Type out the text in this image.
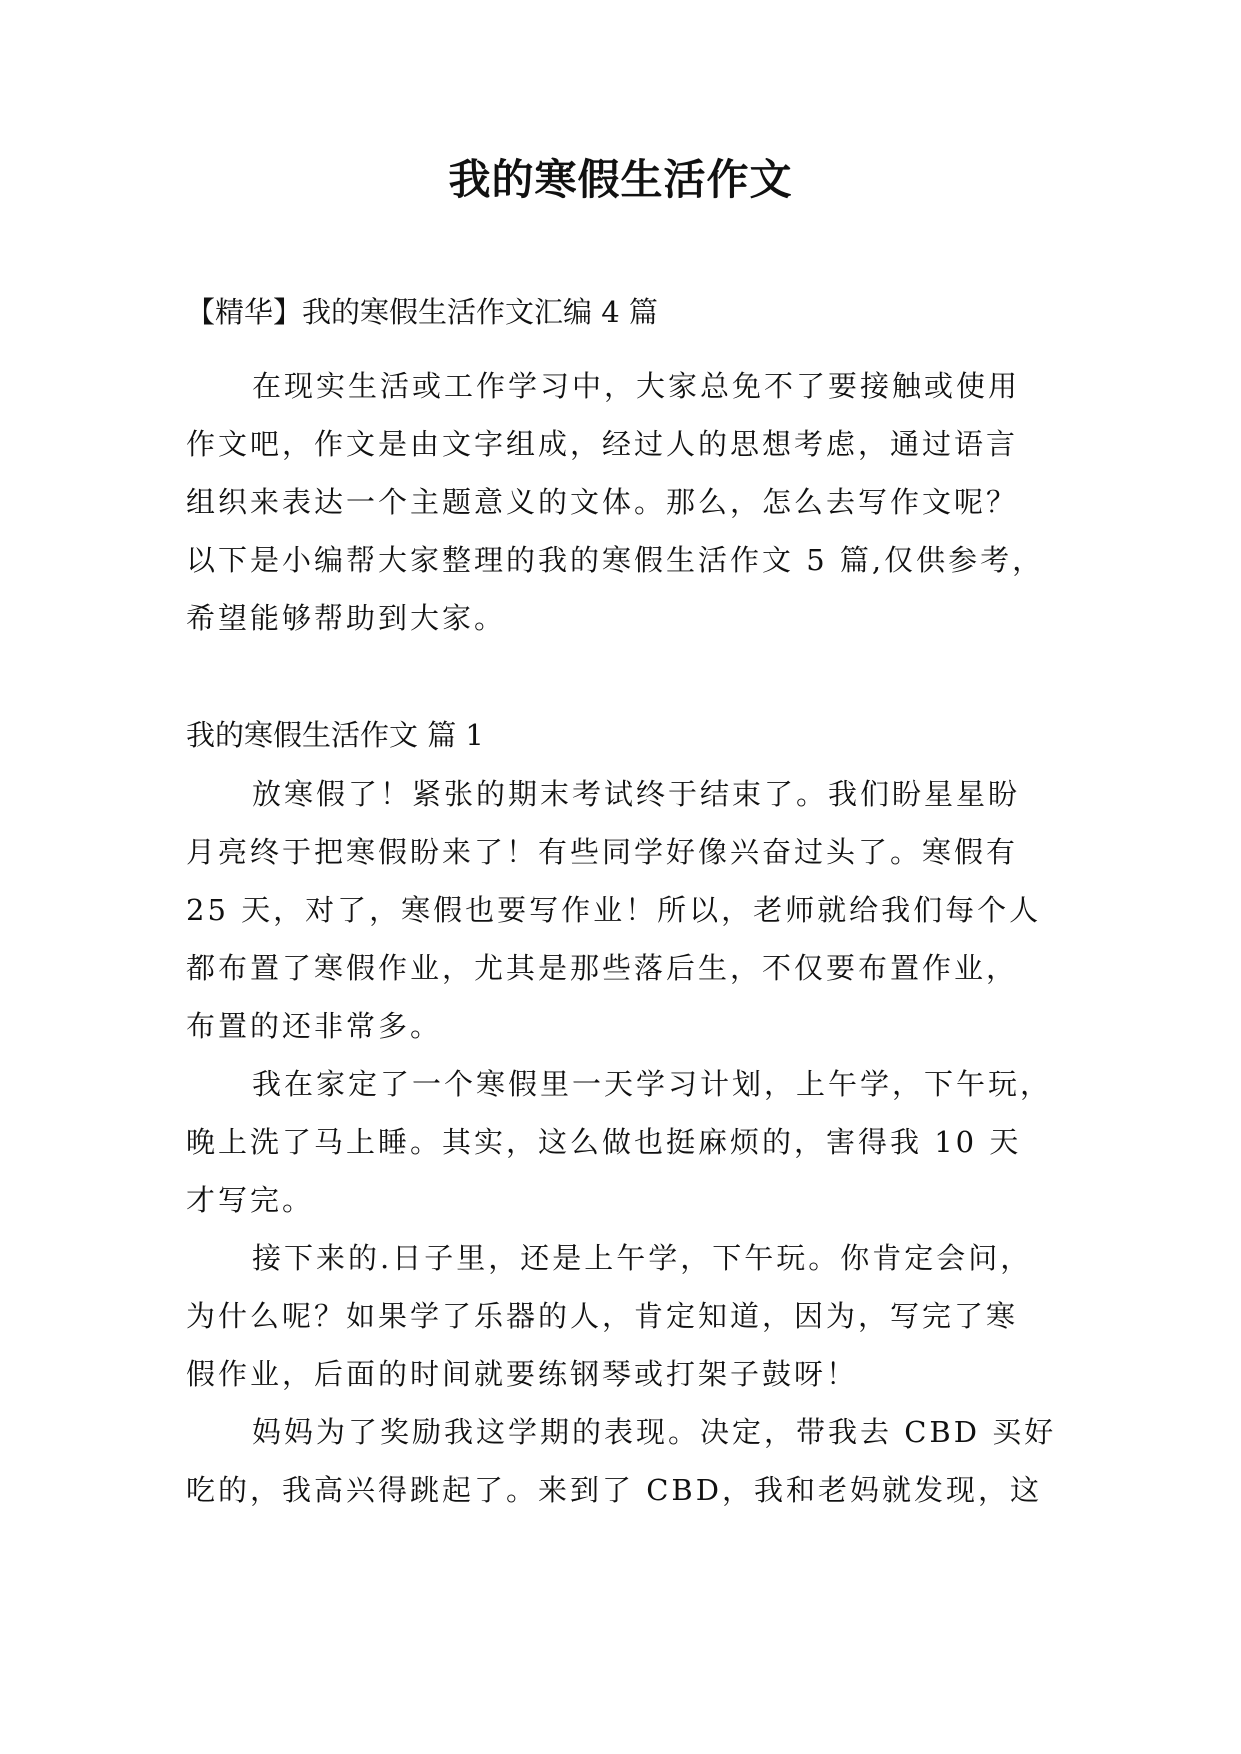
我的寒假生活作文
【精华】我的寒假生活作文汇编 4 篇
在现实生活或工作学习中，大家总免不了要接触或使用
作文吧，作文是由文字组成，经过人的思想考虑，通过语言
组织来表达一个主题意义的文体。那么，怎么去写作文呢？
以下是小编帮大家整理的我的寒假生活作文 5 篇,仅供参考，
希望能够帮助到大家。
我的寒假生活作文 篇 1
放寒假了！紧张的期末考试终于结束了。我们盼星星盼
月亮终于把寒假盼来了！有些同学好像兴奋过头了。寒假有
25 天，对了，寒假也要写作业！所以，老师就给我们每个人
都布置了寒假作业，尤其是那些落后生，不仅要布置作业，
布置的还非常多。
我在家定了一个寒假里一天学习计划，上午学，下午玩，
晚上洗了马上睡。其实，这么做也挺麻烦的，害得我 10 天
才写完。
接下来的.日子里，还是上午学，下午玩。你肯定会问，
为什么呢？如果学了乐器的人，肯定知道，因为，写完了寒
假作业，后面的时间就要练钢琴或打架子鼓呀！
妈妈为了奖励我这学期的表现。决定，带我去 CBD 买好
吃的，我高兴得跳起了。来到了 CBD，我和老妈就发现，这
